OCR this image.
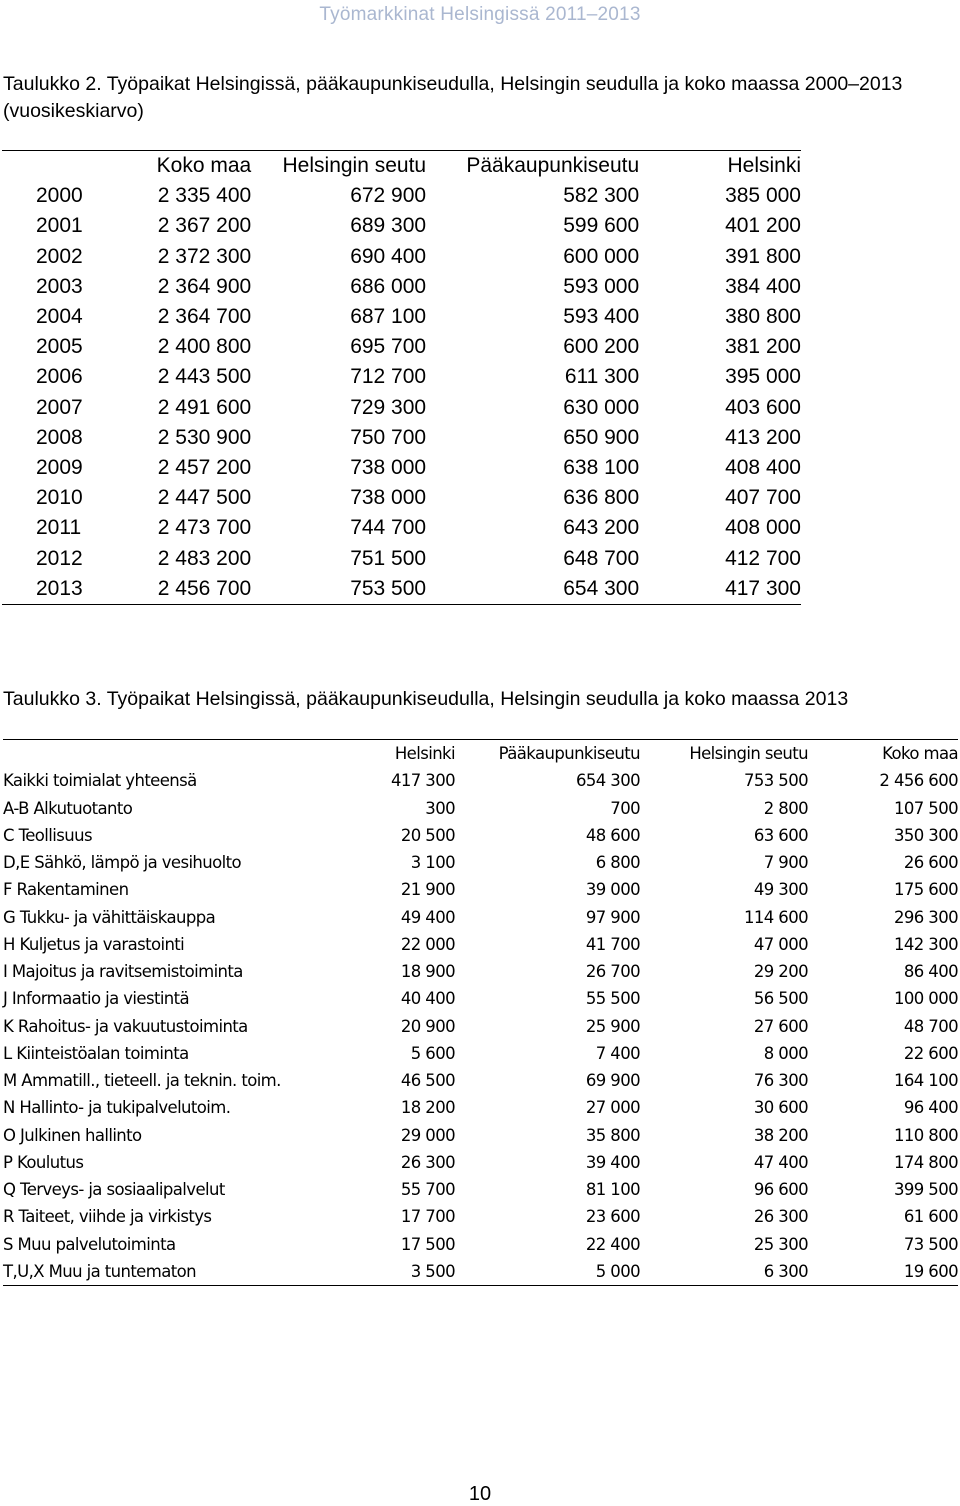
Työmarkkinat Helsingissä 2011–2013
Taulukko 2. Työpaikat Helsingissä, pääkaupunkiseudulla, Helsingin seudulla ja koko maassa 2000–2013 (vuosikeskiarvo)
	Koko maa	Helsingin seutu	Pääkaupunkiseutu	Helsinki
2000	2 335 400	672 900	582 300	385 000
2001	2 367 200	689 300	599 600	401 200
2002	2 372 300	690 400	600 000	391 800
2003	2 364 900	686 000	593 000	384 400
2004	2 364 700	687 100	593 400	380 800
2005	2 400 800	695 700	600 200	381 200
2006	2 443 500	712 700	611 300	395 000
2007	2 491 600	729 300	630 000	403 600
2008	2 530 900	750 700	650 900	413 200
2009	2 457 200	738 000	638 100	408 400
2010	2 447 500	738 000	636 800	407 700
2011	2 473 700	744 700	643 200	408 000
2012	2 483 200	751 500	648 700	412 700
2013	2 456 700	753 500	654 300	417 300
Taulukko 3. Työpaikat Helsingissä, pääkaupunkiseudulla, Helsingin seudulla ja koko maassa 2013
	Helsinki	Pääkaupunkiseutu	Helsingin seutu	Koko maa
Kaikki toimialat yhteensä	417 300	654 300	753 500	2 456 600
A-B Alkutuotanto	300	700	2 800	107 500
C Teollisuus	20 500	48 600	63 600	350 300
D,E Sähkö, lämpö ja vesihuolto	3 100	6 800	7 900	26 600
F Rakentaminen	21 900	39 000	49 300	175 600
G Tukku- ja vähittäiskauppa	49 400	97 900	114 600	296 300
H Kuljetus ja varastointi	22 000	41 700	47 000	142 300
I Majoitus ja ravitsemistoiminta	18 900	26 700	29 200	86 400
J Informaatio ja viestintä	40 400	55 500	56 500	100 000
K Rahoitus- ja vakuutustoiminta	20 900	25 900	27 600	48 700
L Kiinteistöalan toiminta	5 600	7 400	8 000	22 600
M Ammatill., tieteell. ja teknin. toim.	46 500	69 900	76 300	164 100
N Hallinto- ja tukipalvelutoim.	18 200	27 000	30 600	96 400
O Julkinen hallinto	29 000	35 800	38 200	110 800
P Koulutus	26 300	39 400	47 400	174 800
Q Terveys- ja sosiaalipalvelut	55 700	81 100	96 600	399 500
R Taiteet, viihde ja virkistys	17 700	23 600	26 300	61 600
S Muu palvelutoiminta	17 500	22 400	25 300	73 500
T,U,X Muu ja tuntematon	3 500	5 000	6 300	19 600
10
